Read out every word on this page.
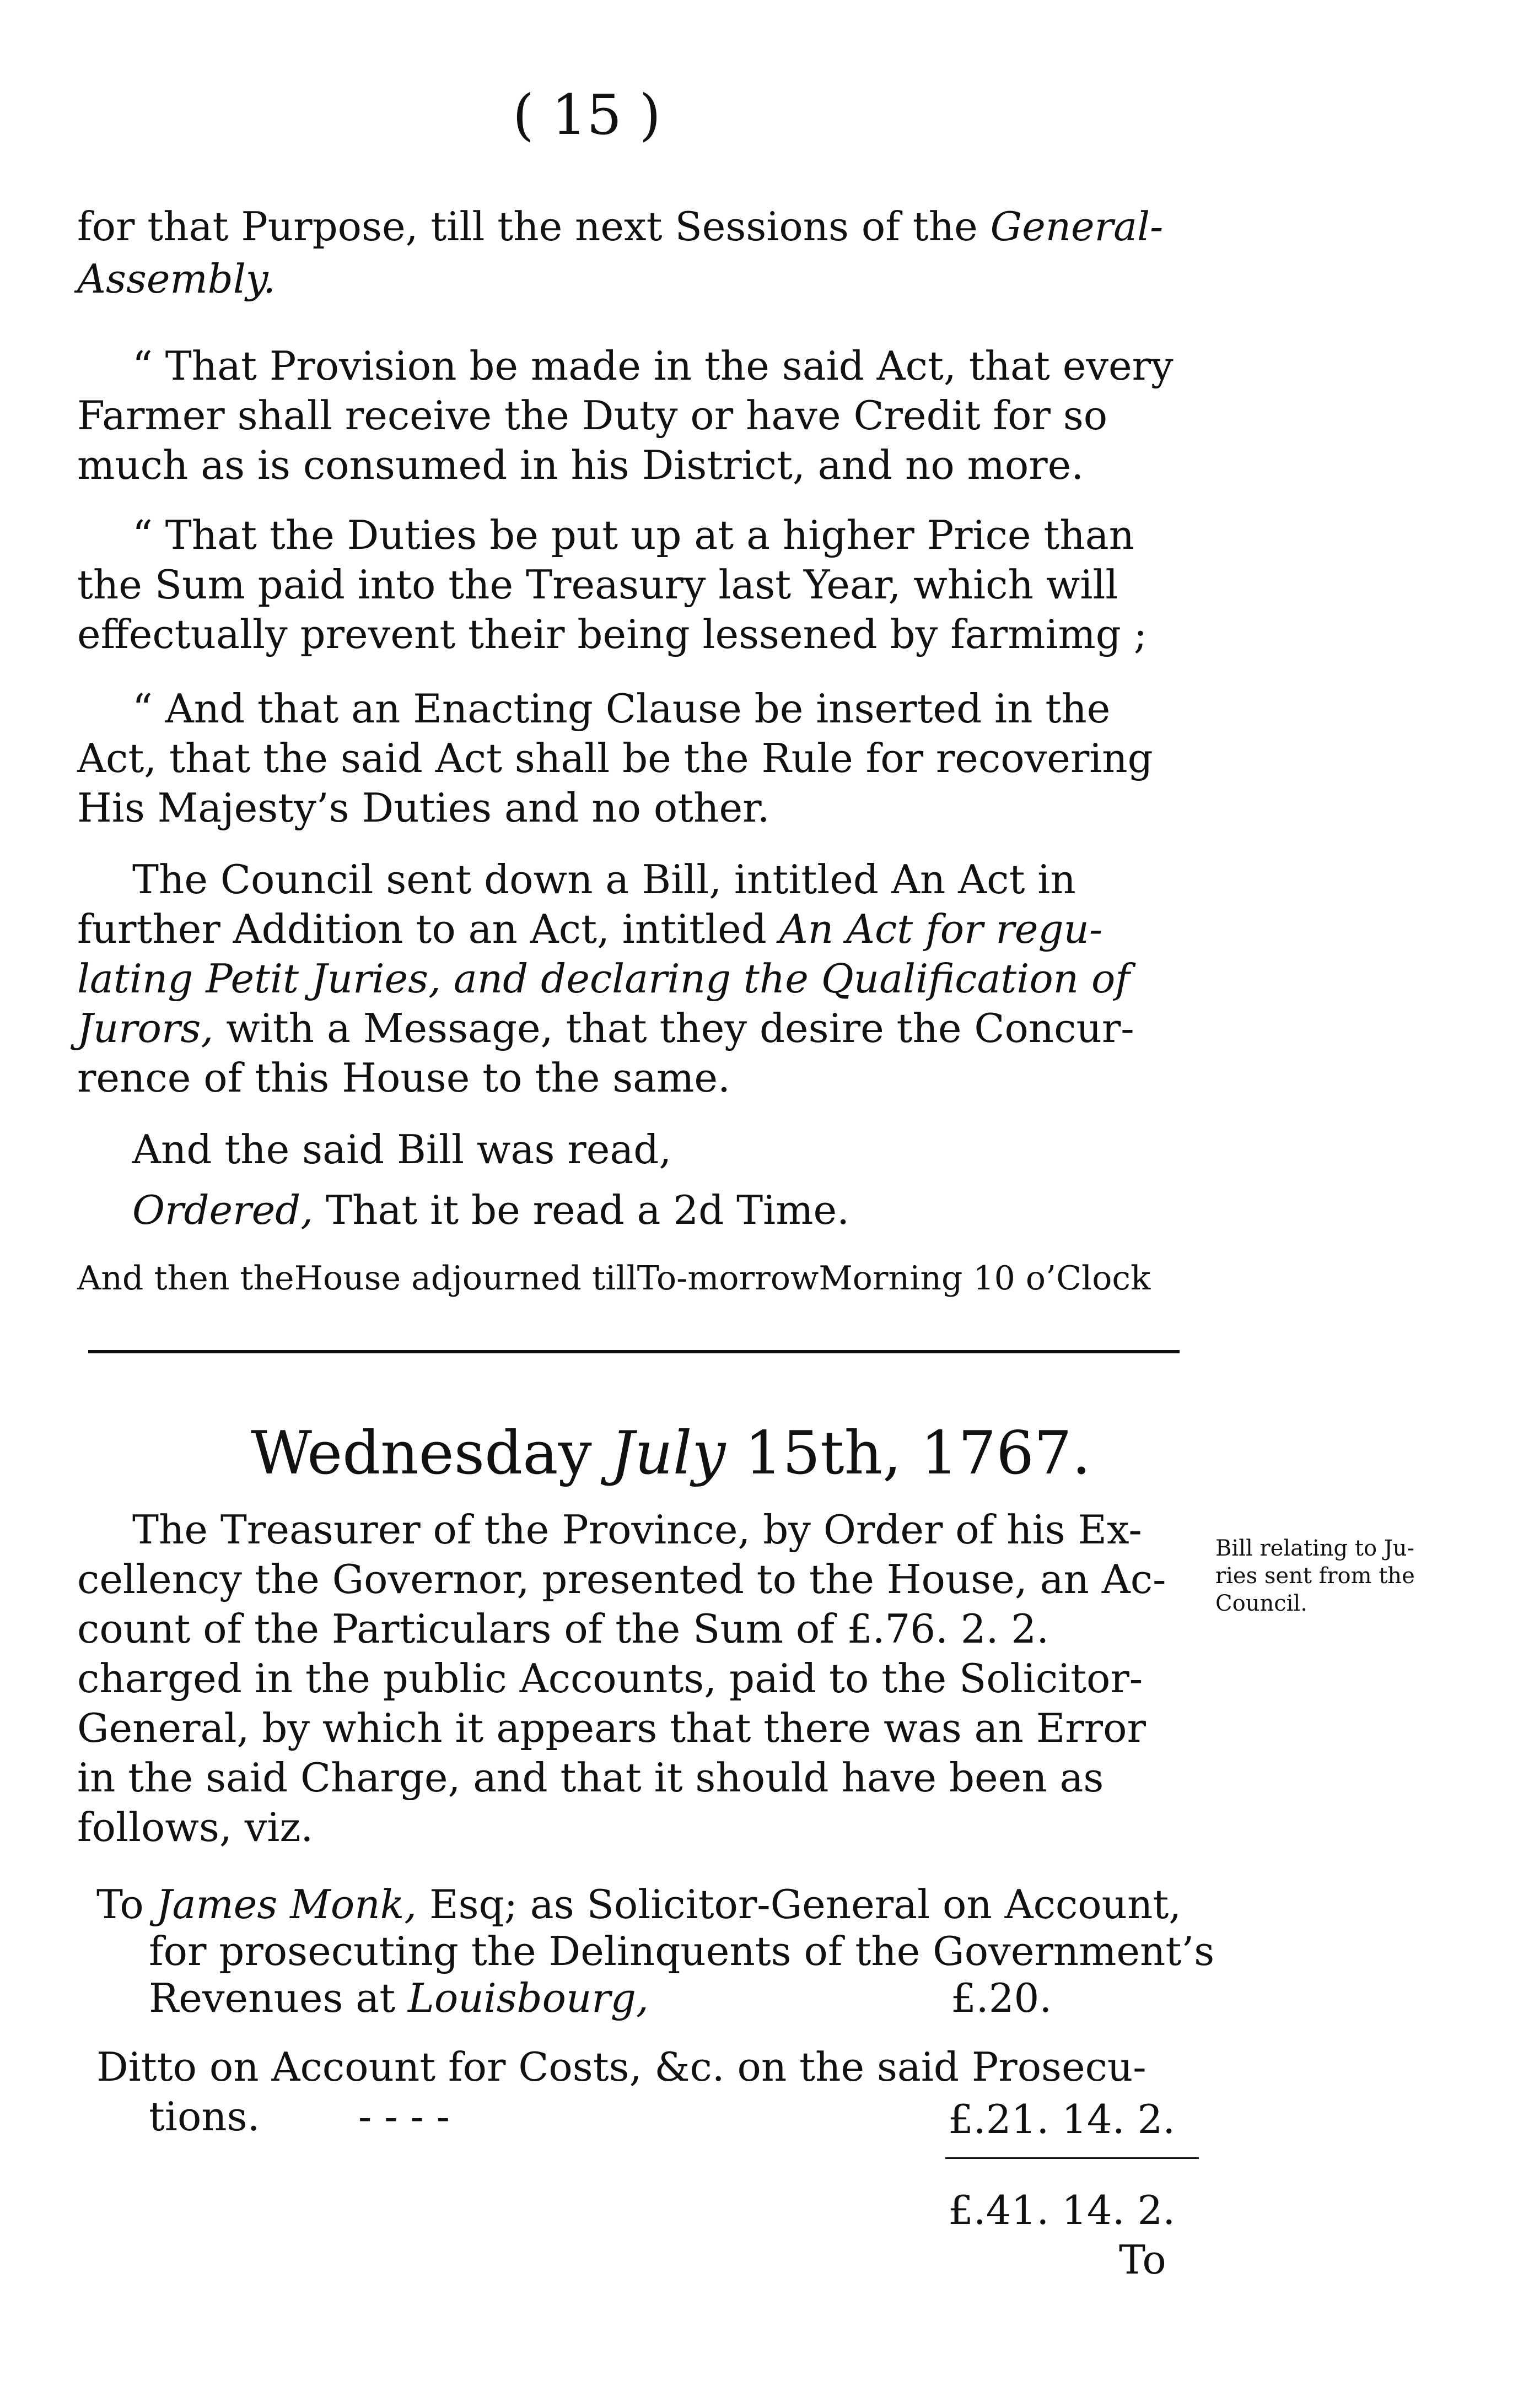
( 15 )
for that Purpose, till the next Sessions of the General-
Assembly.
“ That Provision be made in the said Act, that every
Farmer shall receive the Duty or have Credit for so
much as is consumed in his District, and no more.
“ That the Duties be put up at a higher Price than
the Sum paid into the Treasury last Year, which will
effectually prevent their being lessened by farmimg ;
“ And that an Enacting Clause be inserted in the
Act, that the said Act shall be the Rule for recovering
His Majesty’s Duties and no other.
The Council sent down a Bill, intitled An Act in
further Addition to an Act, intitled An Act for regu-
lating Petit Juries, and declaring the Qualification of
Jurors, with a Message, that they desire the Concur-
rence of this House to the same.
And the said Bill was read,
Ordered, That it be read a 2d Time.
And then theHouse adjourned tillTo-morrowMorning 10 o’Clock
Wednesday July 15th, 1767.
The Treasurer of the Province, by Order of his Ex-
cellency the Governor, presented to the House, an Ac-
count of the Particulars of the Sum of £.76. 2. 2.
charged in the public Accounts, paid to the Solicitor-
General, by which it appears that there was an Error
in the said Charge, and that it should have been as
follows, viz.
Bill relating to Ju-
ries sent from the
Council.
To James Monk, Esq; as Solicitor-General on Account,
for prosecuting the Delinquents of the Government’s
Revenues at Louisbourg,	£.20.
Ditto on Account for Costs, &c. on the said Prosecu-
tions. - - - -	£.21. 14. 2.
£.41. 14. 2.
To
